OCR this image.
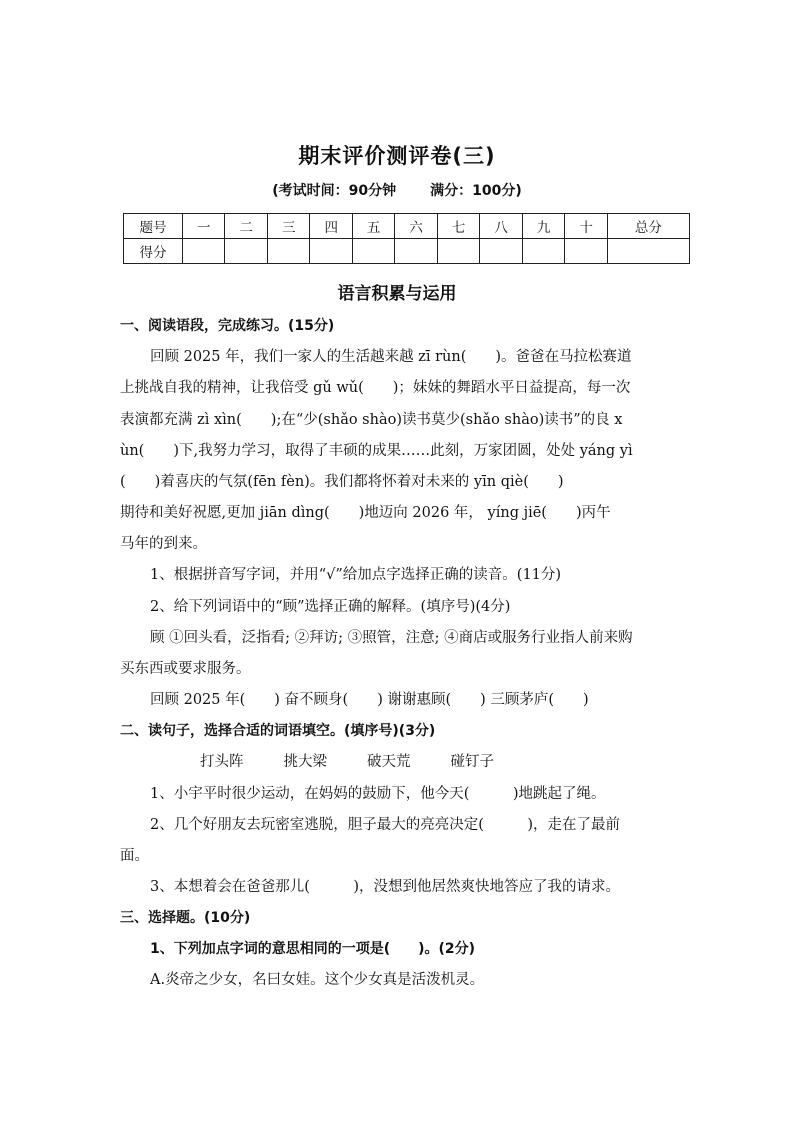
期末评价测评卷(三)
(考试时间：90分钟 满分：100分)
题号	一	二	三	四	五	六	七	八	九	十	总分
得分											
语言积累与运用
一、阅读语段，完成练习。(15分)
回顾 2025 年，我们一家人的生活越来越 zī rùn(　　)。爸爸在马拉松赛道
上挑战自我的精神，让我倍受 gǔ wǔ(　　)；妹妹的舞蹈水平日益提高，每一次
表演都充满 zì xìn(　　);在“少(shǎo shào)读书莫少(shǎo shào)读书”的良 x
ùn(　　)下,我努力学习，取得了丰硕的成果……此刻，万家团圆，处处 yáng yì
(　　)着喜庆的气氛(fēn fèn)。我们都将怀着对未来的 yīn qiè(　　)
期待和美好祝愿,更加 jiān dìng(　　)地迈向 2026 年， yíng jiē(　　)丙午
马年的到来。
1、根据拼音写字词，并用“√”给加点字选择正确的读音。(11分)
2、给下列词语中的“顾”选择正确的解释。(填序号)(4分)
顾 ①回头看，泛指看; ②拜访; ③照管，注意; ④商店或服务行业指人前来购
买东西或要求服务。
回顾 2025 年(　　) 奋不顾身(　　) 谢谢惠顾(　　) 三顾茅庐(　　)
二、读句子，选择合适的词语填空。(填序号)(3分)
打头阵	挑大梁	破天荒	碰钉子
1、小宇平时很少运动，在妈妈的鼓励下，他今天(　　　)地跳起了绳。
2、几个好朋友去玩密室逃脱，胆子最大的亮亮决定(　　　)，走在了最前
面。
3、本想着会在爸爸那儿(　　　)，没想到他居然爽快地答应了我的请求。
三、选择题。(10分)
1、下列加点字词的意思相同的一项是(　　)。(2分)
A.炎帝之少女，名曰女娃。这个少女真是活泼机灵。
